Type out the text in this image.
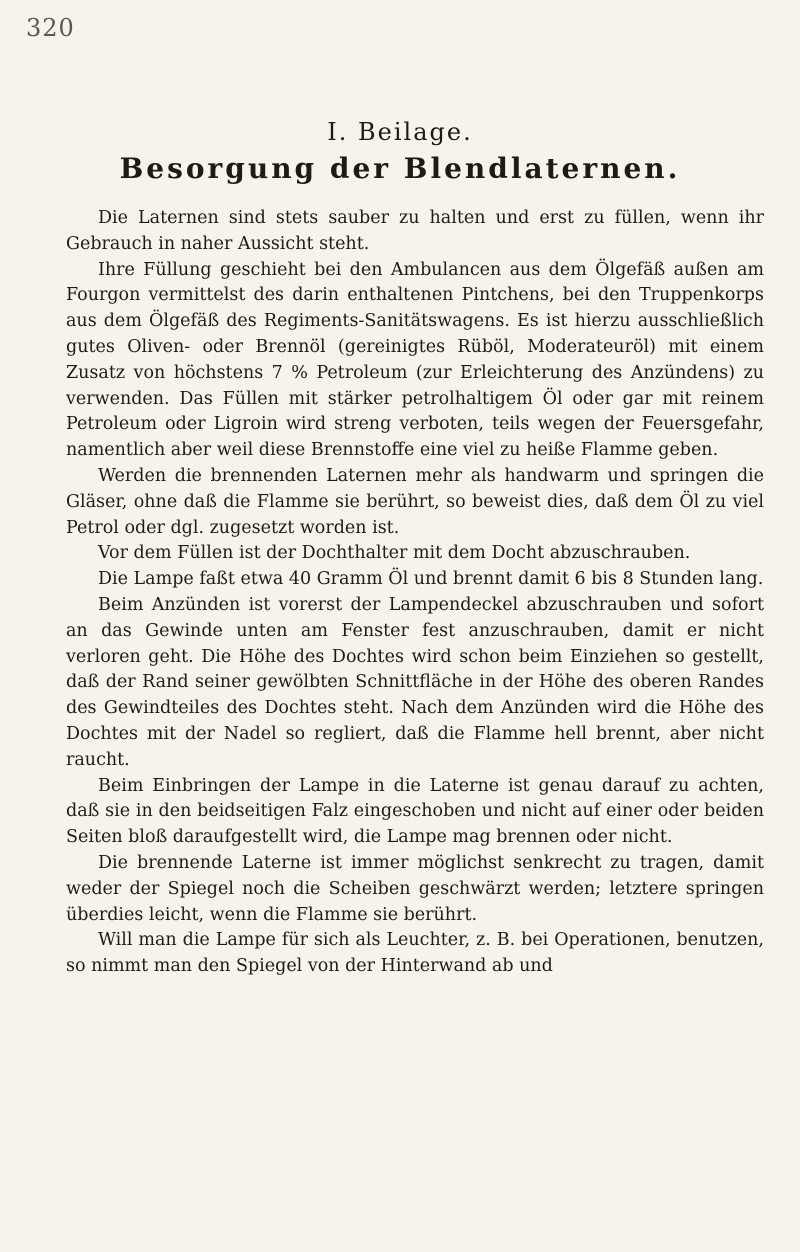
320
I. Beilage.
Besorgung der Blendlaternen.

Die Laternen sind stets sauber zu halten und erst zu füllen, wenn ihr Gebrauch in naher Aussicht steht.

Ihre Füllung geschieht bei den Ambulancen aus dem Ölgefäß außen am Fourgon vermittelst des darin enthaltenen Pintchens, bei den Truppenkorps aus dem Ölgefäß des Regiments-Sanitätswagens. Es ist hierzu ausschließlich gutes Oliven- oder Brennöl (gereinigtes Rüböl, Moderateuröl) mit einem Zusatz von höchstens 7 % Petroleum (zur Erleichterung des Anzündens) zu verwenden. Das Füllen mit stärker petrolhaltigem Öl oder gar mit reinem Petroleum oder Ligroin wird streng verboten, teils wegen der Feuersgefahr, namentlich aber weil diese Brennstoffe eine viel zu heiße Flamme geben.

Werden die brennenden Laternen mehr als handwarm und springen die Gläser, ohne daß die Flamme sie berührt, so beweist dies, daß dem Öl zu viel Petrol oder dgl. zugesetzt worden ist.

Vor dem Füllen ist der Dochthalter mit dem Docht abzuschrauben.

Die Lampe faßt etwa 40 Gramm Öl und brennt damit 6 bis 8 Stunden lang.

Beim Anzünden ist vorerst der Lampendeckel abzuschrauben und sofort an das Gewinde unten am Fenster fest anzuschrauben, damit er nicht verloren geht. Die Höhe des Dochtes wird schon beim Einziehen so gestellt, daß der Rand seiner gewölbten Schnittfläche in der Höhe des oberen Randes des Gewindteiles des Dochtes steht. Nach dem Anzünden wird die Höhe des Dochtes mit der Nadel so regliert, daß die Flamme hell brennt, aber nicht raucht.

Beim Einbringen der Lampe in die Laterne ist genau darauf zu achten, daß sie in den beidseitigen Falz eingeschoben und nicht auf einer oder beiden Seiten bloß daraufgestellt wird, die Lampe mag brennen oder nicht.

Die brennende Laterne ist immer möglichst senkrecht zu tragen, damit weder der Spiegel noch die Scheiben geschwärzt werden; letztere springen überdies leicht, wenn die Flamme sie berührt.

Will man die Lampe für sich als Leuchter, z. B. bei Operationen, benutzen, so nimmt man den Spiegel von der Hinterwand ab und
